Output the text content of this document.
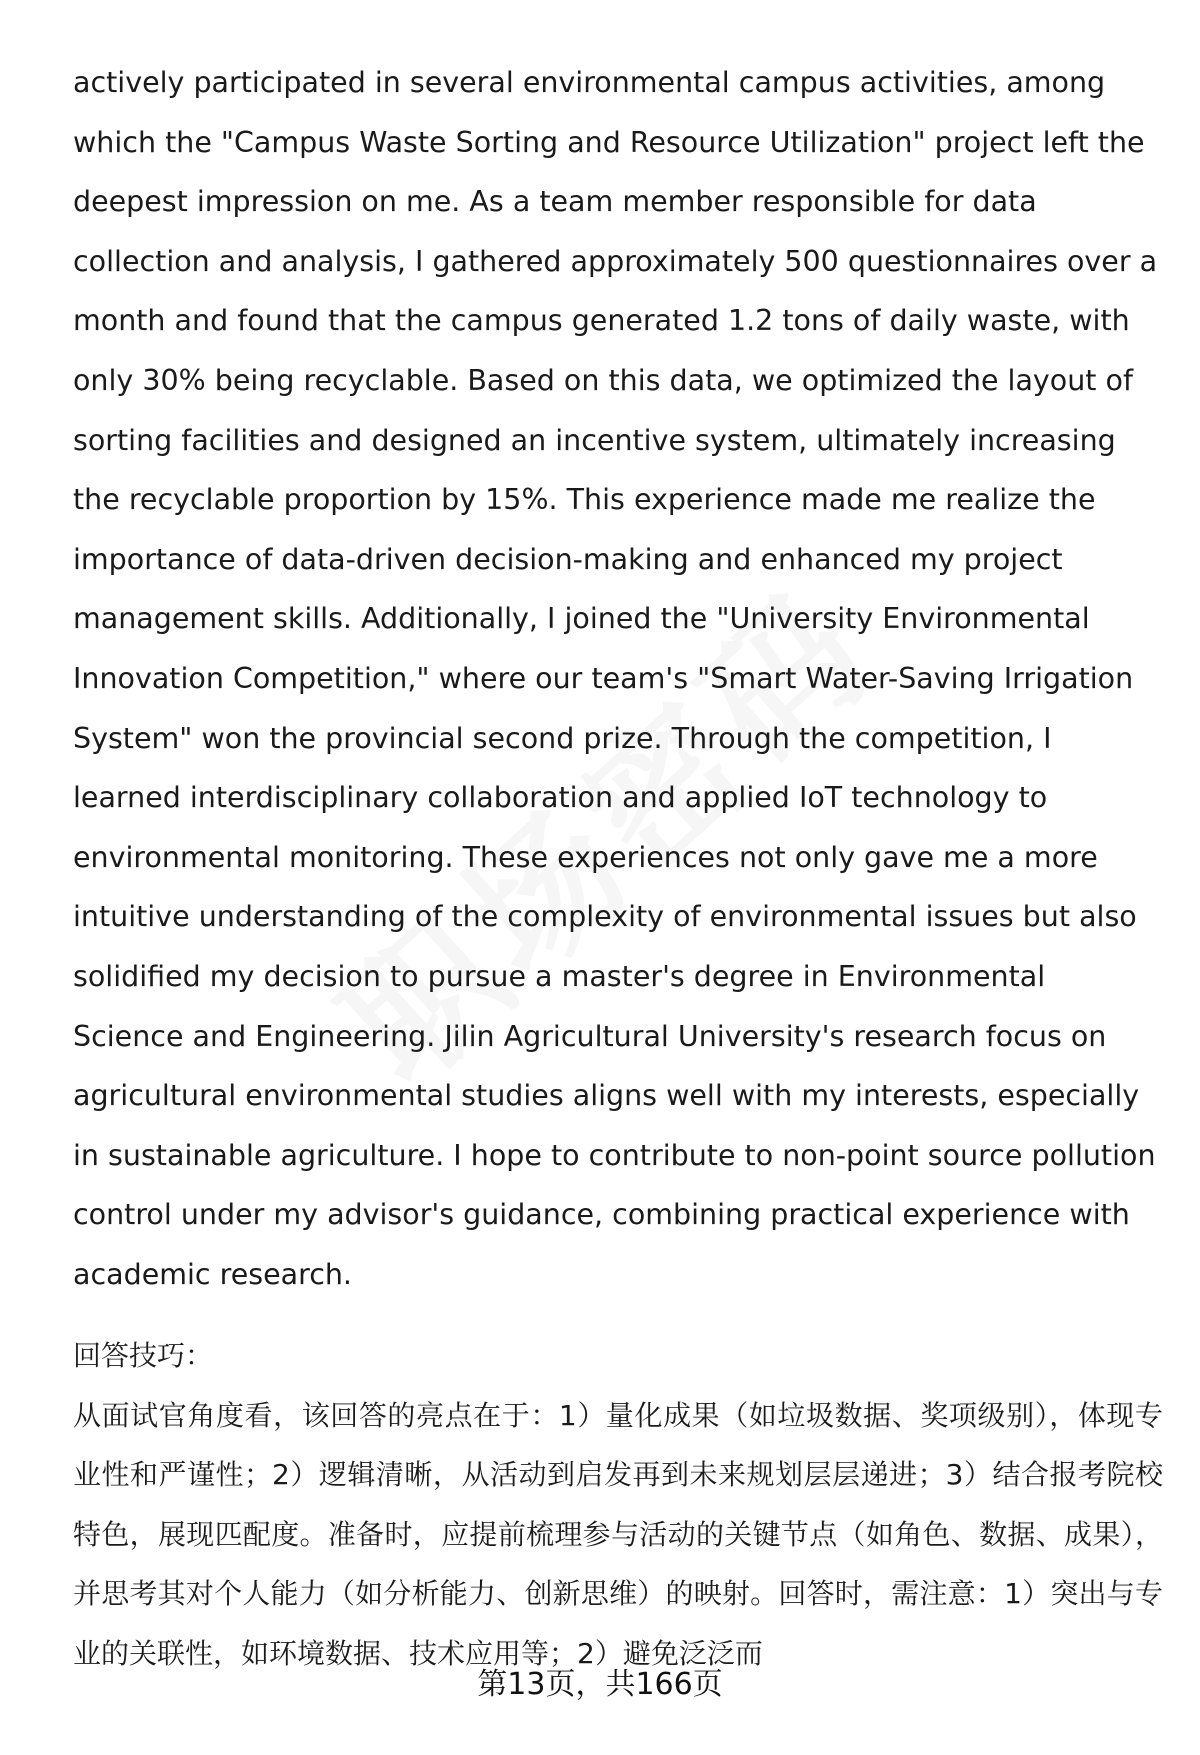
actively participated in several environmental campus activities, among which the "Campus Waste Sorting and Resource Utilization" project left the deepest impression on me. As a team member responsible for data collection and analysis, I gathered approximately 500 questionnaires over a month and found that the campus generated 1.2 tons of daily waste, with only 30% being recyclable. Based on this data, we optimized the layout of sorting facilities and designed an incentive system, ultimately increasing the recyclable proportion by 15%. This experience made me realize the importance of data-driven decision-making and enhanced my project management skills. Additionally, I joined the "University Environmental Innovation Competition," where our team's "Smart Water-Saving Irrigation System" won the provincial second prize. Through the competition, I learned interdisciplinary collaboration and applied IoT technology to environmental monitoring. These experiences not only gave me a more intuitive understanding of the complexity of environmental issues but also solidified my decision to pursue a master's degree in Environmental Science and Engineering. Jilin Agricultural University's research focus on agricultural environmental studies aligns well with my interests, especially in sustainable agriculture. I hope to contribute to non-point source pollution control under my advisor's guidance, combining practical experience with academic research.

回答技巧：

从面试官角度看，该回答的亮点在于：1）量化成果（如垃圾数据、奖项级别），体现专业性和严谨性；2）逻辑清晰，从活动到启发再到未来规划层层递进；3）结合报考院校特色，展现匹配度。准备时，应提前梳理参与活动的关键节点（如角色、数据、成果），并思考其对个人能力（如分析能力、创新思维）的映射。回答时，需注意：1）突出与专业的关联性，如环境数据、技术应用等；2）避免泛泛而

第13页，共166页
